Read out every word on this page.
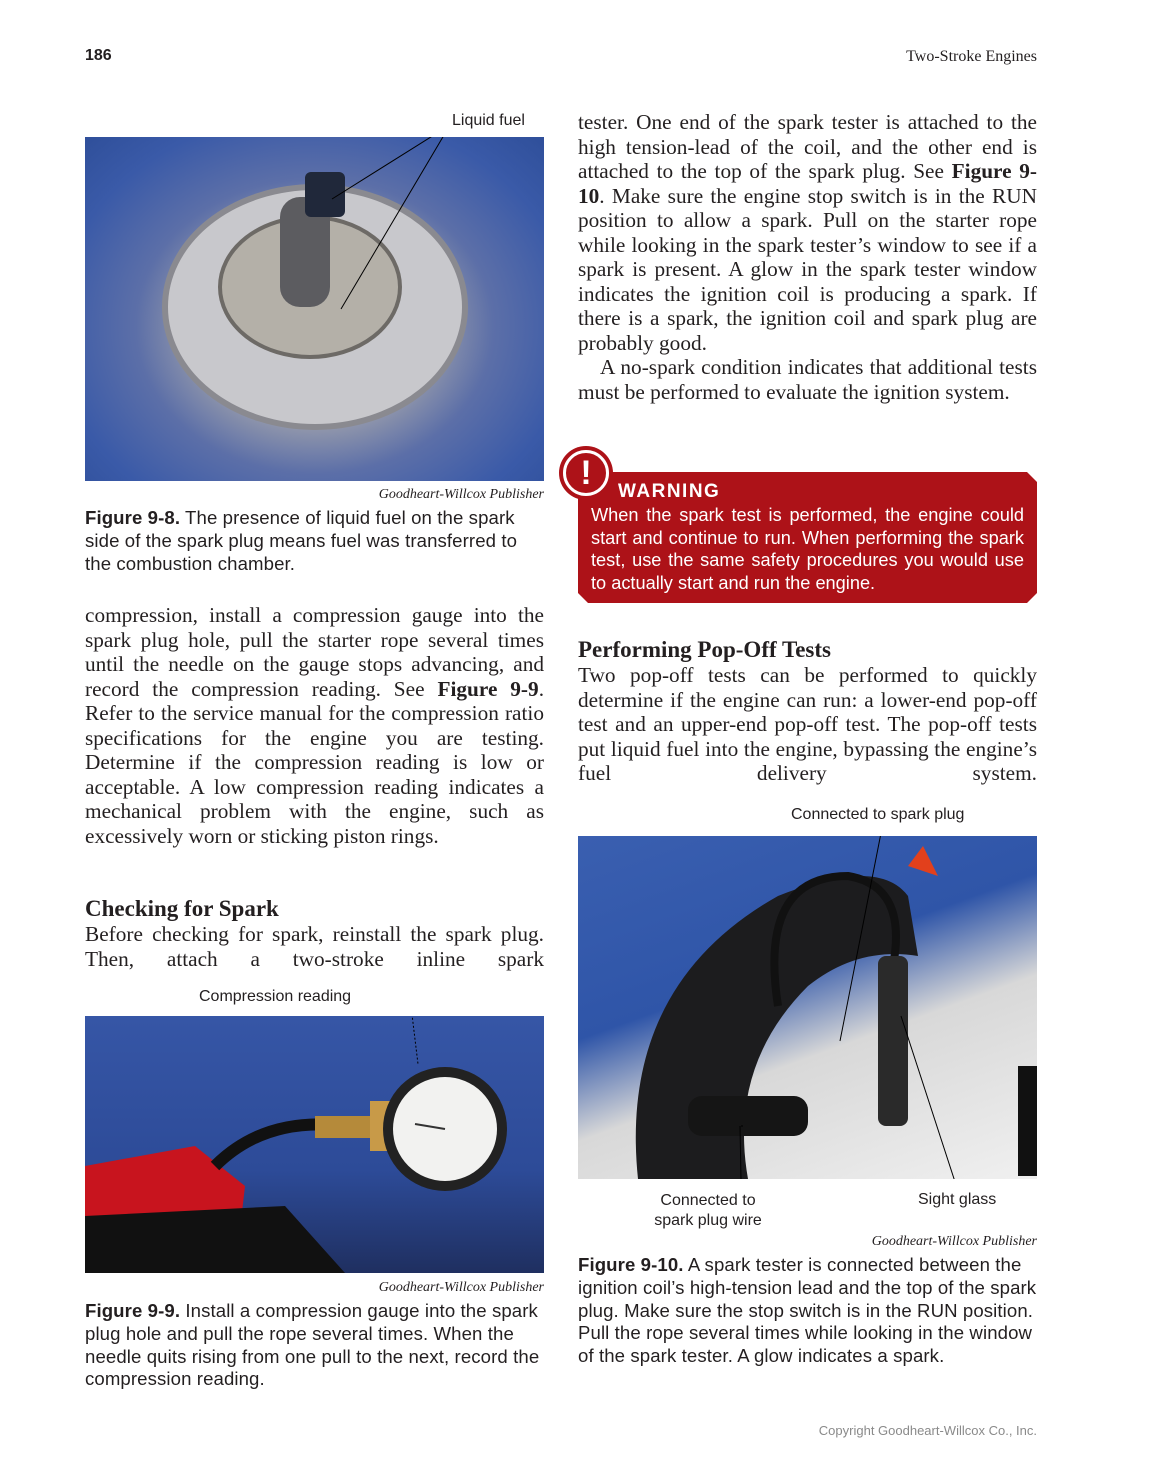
186	Two-Stroke Engines
Liquid fuel
Goodheart-Willcox Publisher
Figure 9-8. The presence of liquid fuel on the spark side of the spark plug means fuel was transferred to the combustion chamber.
compression, install a compression gauge into the spark plug hole, pull the starter rope several times until the needle on the gauge stops advancing, and record the compression reading. See Figure 9-9. Refer to the service manual for the compression ratio specifications for the engine you are testing. Determine if the compression reading is low or acceptable. A low compression reading indicates a mechanical problem with the engine, such as excessively worn or sticking piston rings.
Checking for Spark
Before checking for spark, reinstall the spark plug. Then, attach a two-stroke inline spark
Compression reading
Goodheart-Willcox Publisher
Figure 9-9. Install a compression gauge into the spark plug hole and pull the rope several times. When the needle quits rising from one pull to the next, record the compression reading.
tester. One end of the spark tester is attached to the high tension-lead of the coil, and the other end is attached to the top of the spark plug. See Figure 9-10. Make sure the engine stop switch is in the RUN position to allow a spark. Pull on the starter rope while looking in the spark tester’s window to see if a spark is present. A glow in the spark tester window indicates the ignition coil is producing a spark. If there is a spark, the ignition coil and spark plug are probably good.
A no-spark condition indicates that additional tests must be performed to evaluate the ignition system.
!	WARNING
When the spark test is performed, the engine could start and continue to run. When performing the spark test, use the same safety procedures you would use to actually start and run the engine.
Performing Pop-Off Tests
Two pop-off tests can be performed to quickly determine if the engine can run: a lower-end pop-off test and an upper-end pop-off test. The pop-off tests put liquid fuel into the engine, bypassing the engine’s fuel delivery system.
Connected to spark plug
Connected to
spark plug wire
Sight glass
Goodheart-Willcox Publisher
Figure 9-10. A spark tester is connected between the ignition coil’s high-tension lead and the top of the spark plug. Make sure the stop switch is in the RUN position. Pull the rope several times while looking in the window of the spark tester. A glow indicates a spark.
Copyright Goodheart-Willcox Co., Inc.
